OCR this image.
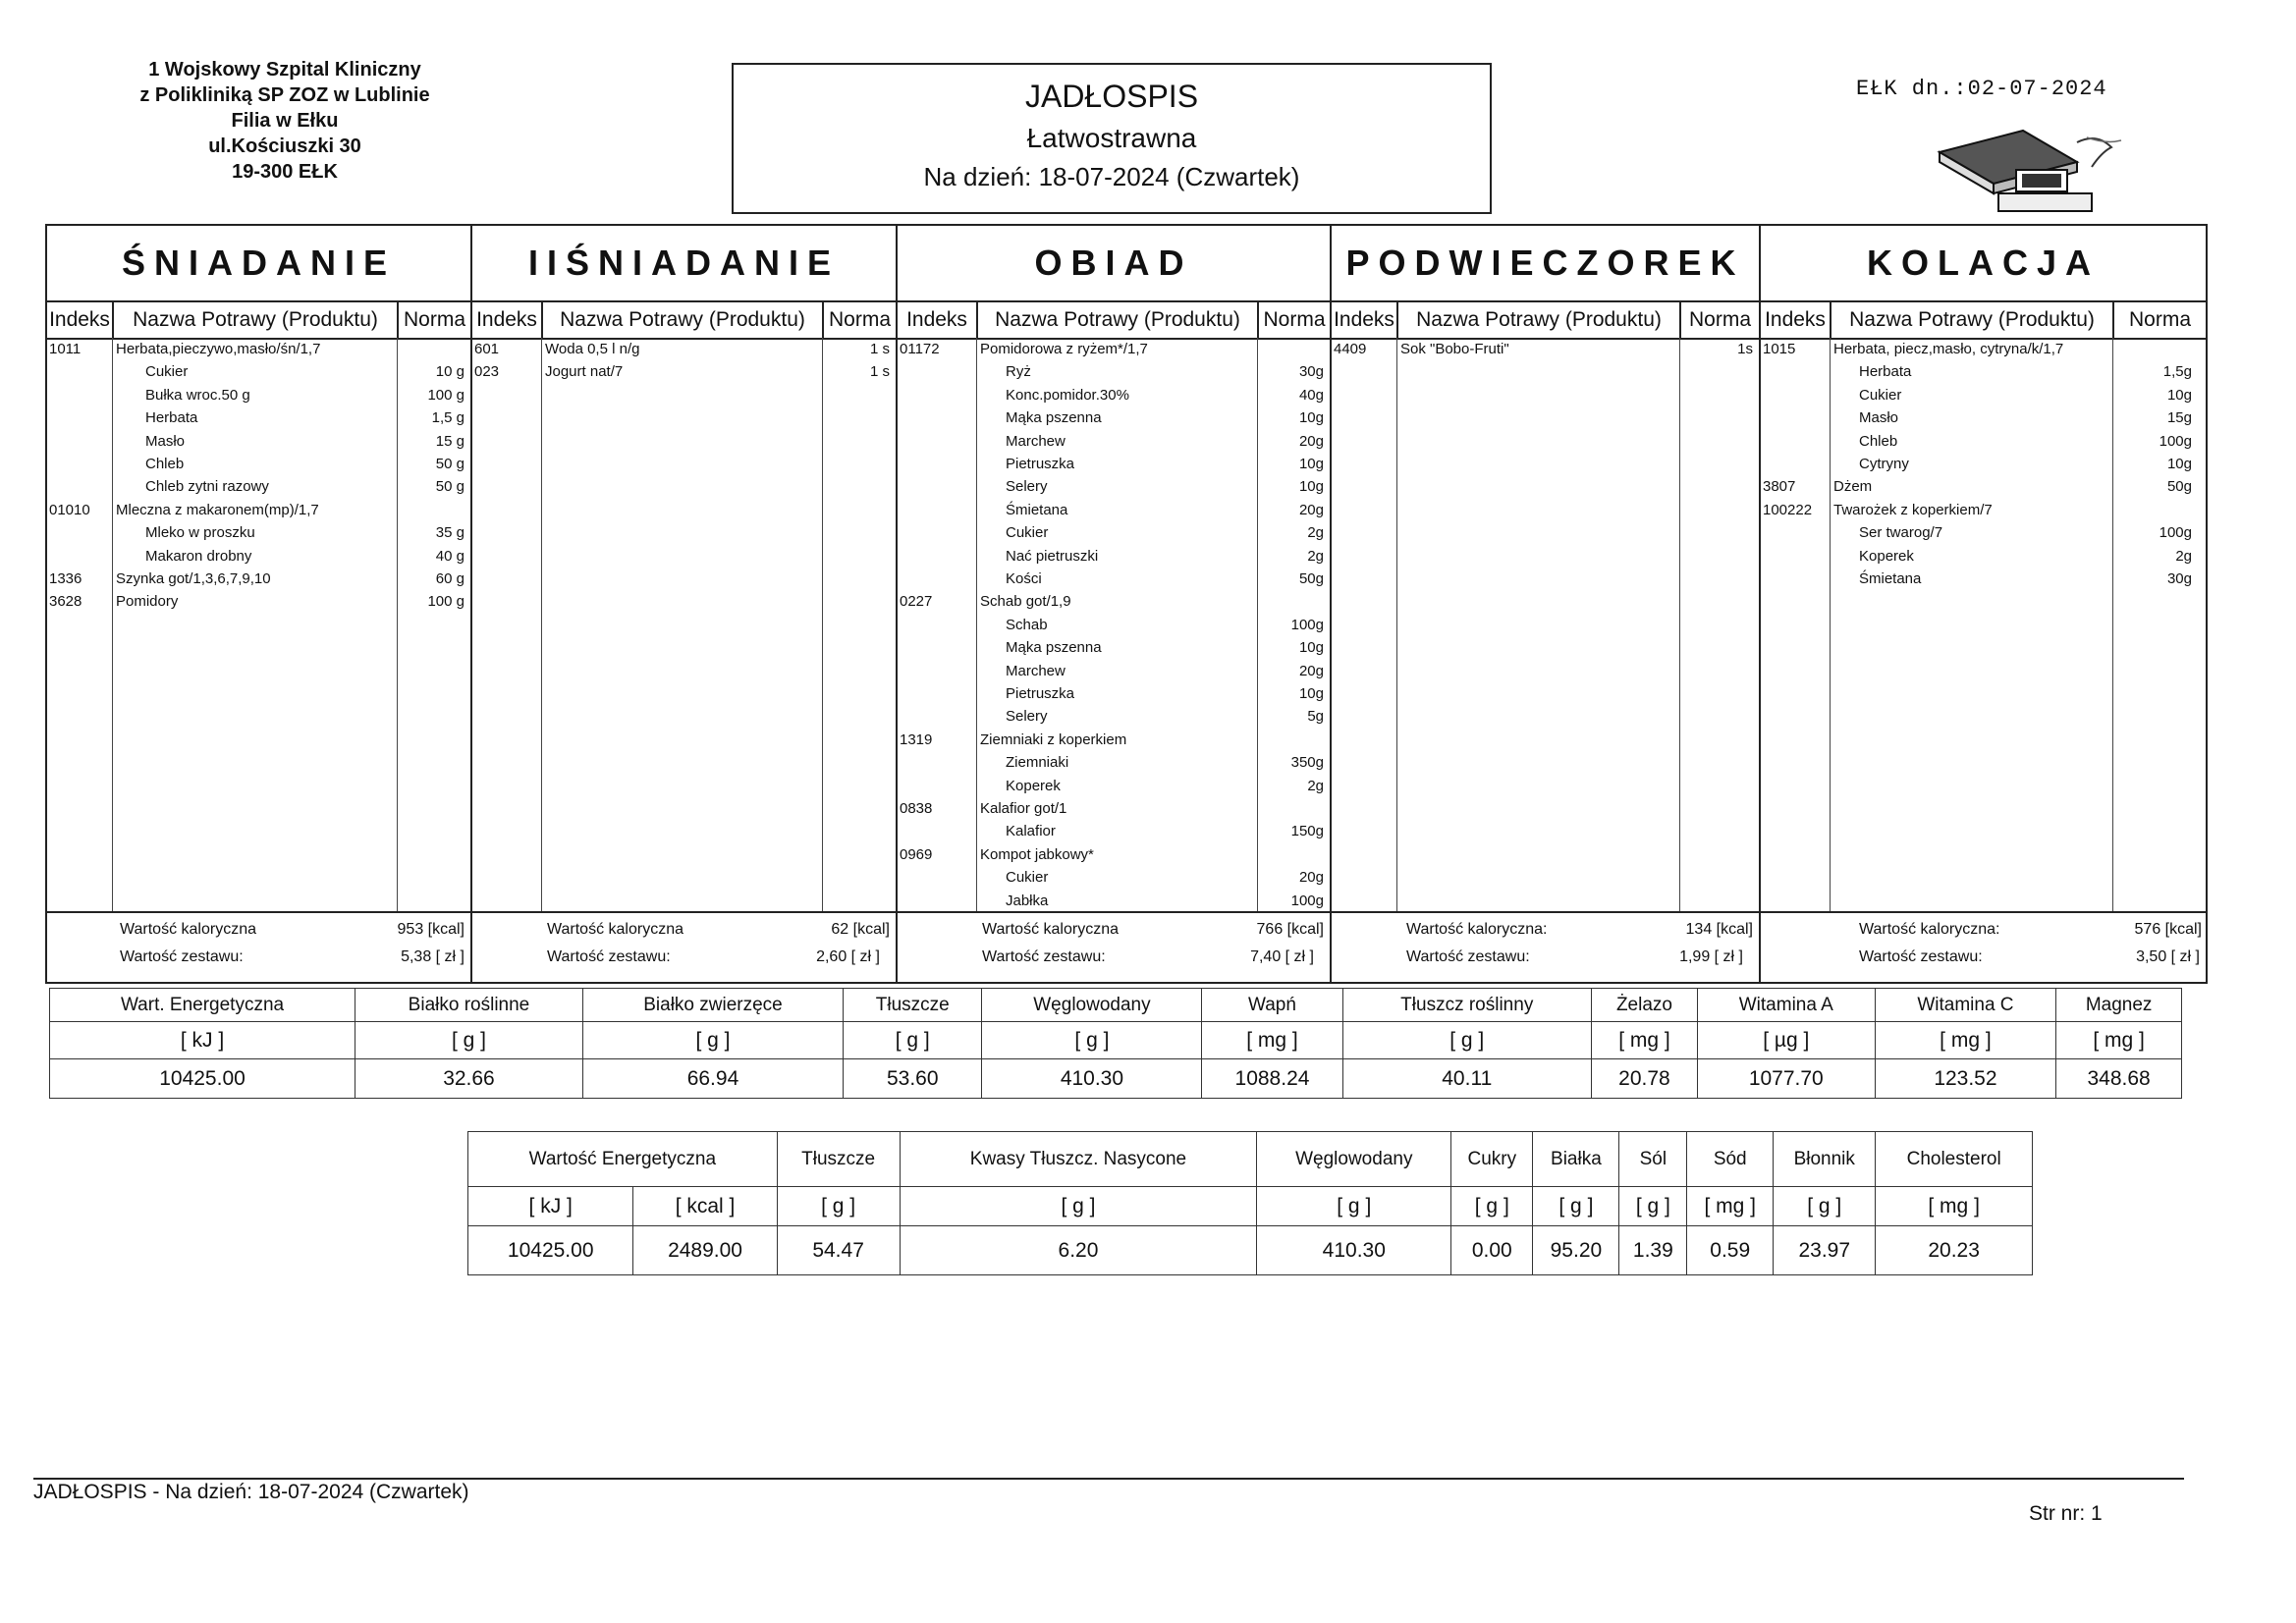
1 Wojskowy Szpital Kliniczny
z Polikliniką SP ZOZ w Lublinie
Filia w Ełku
ul.Kościuszki 30
19-300 EŁK
JADŁOSPIS
Łatwostrawna
Na dzień: 18-07-2024 (Czwartek)
EŁK dn.:02-07-2024
ŚNIADANIE
Indeks	Nazwa Potrawy (Produktu)	Norma
1011 Herbata,pieczywo,masło/śn/1,7
Cukier	10 g
Bułka wroc.50 g	100 g
Herbata	1,5 g
Masło	15 g
Chleb	50 g
Chleb zytni razowy	50 g
01010 Mleczna z makaronem(mp)/1,7
Mleko w proszku	35 g
Makaron drobny	40 g
1336 Szynka got/1,3,6,7,9,10	60 g
3628 Pomidory	100 g
Wartość kaloryczna	953 [kcal]
Wartość zestawu:	5,38 [ zł ]
IIŚNIADANIE
Indeks	Nazwa Potrawy (Produktu)	Norma
601	Woda 0,5 l n/g	1 s
023	Jogurt nat/7	1 s
Wartość kaloryczna	62 [kcal]
Wartość zestawu:	2,60 [ zł ]
OBIAD
Indeks	Nazwa Potrawy (Produktu)	Norma
01172	Pomidorowa z ryżem*/1,7
Ryż	30g
Konc.pomidor.30%	40g
Mąka pszenna	10g
Marchew	20g
Pietruszka	10g
Selery	10g
Śmietana	20g
Cukier	2g
Nać pietruszki	2g
Kości	50g
0227	Schab got/1,9
Schab	100g
Mąka pszenna	10g
Marchew	20g
Pietruszka	10g
Selery	5g
1319	Ziemniaki z koperkiem
Ziemniaki	350g
Koperek	2g
0838	Kalafior got/1
Kalafior	150g
0969	Kompot jabkowy*
Cukier	20g
Jabłka	100g
Wartość kaloryczna	766 [kcal]
Wartość zestawu:	7,40 [ zł ]
PODWIECZOREK
Indeks	Nazwa Potrawy (Produktu)	Norma
4409 Sok "Bobo-Fruti"	1s
Wartość kaloryczna:	134 [kcal]
Wartość zestawu:	1,99 [ zł ]
KOLACJA
Indeks	Nazwa Potrawy (Produktu)	Norma
1015	Herbata, piecz,masło, cytryna/k/1,7
Herbata	1,5g
Cukier	10g
Masło	15g
Chleb	100g
Cytryny	10g
3807	Dżem	50g
100222 Twarożek z koperkiem/7
Ser twarog/7	100g
Koperek	2g
Śmietana	30g
Wartość kaloryczna:	576 [kcal]
Wartość zestawu:	3,50 [ zł ]
Wart. Energetyczna	Białko roślinne	Białko zwierzęce	Tłuszcze	Węglowodany	Wapń	Tłuszcz roślinny	Żelazo	Witamina A	Witamina C	Magnez
[ kJ ]	[ g ]	[ g ]	[ g ]	[ g ]	[ mg ]	[ g ]	[ mg ]	[ µg ]	[ mg ]	[ mg ]
10425.00	32.66	66.94	53.60	410.30	1088.24	40.11	20.78	1077.70	123.52	348.68
Wartość Energetyczna		Tłuszcze	Kwasy Tłuszcz. Nasycone	Węglowodany	Cukry	Białka	Sól	Sód	Błonnik	Cholesterol
[ kJ ]	[ kcal ]	[ g ]	[ g ]	[ g ]	[ g ]	[ g ]	[ g ]	[ mg ]	[ g ]	[ mg ]
10425.00	2489.00	54.47	6.20	410.30	0.00	95.20	1.39	0.59	23.97	20.23
JADŁOSPIS - Na dzień: 18-07-2024 (Czwartek)
Str nr: 1
